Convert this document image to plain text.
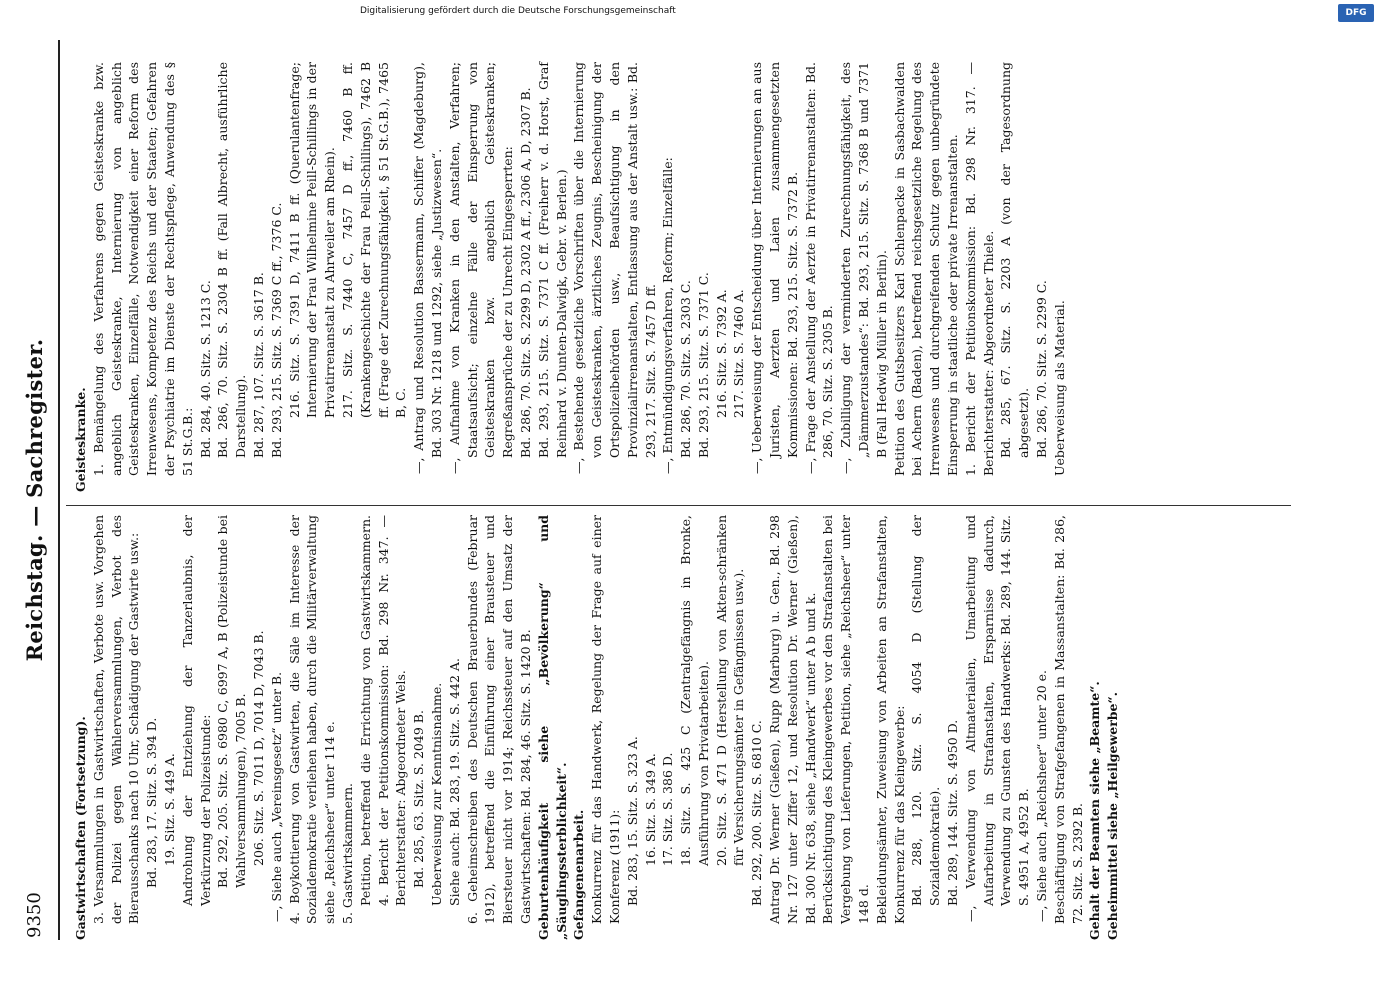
9350
Reichstag. — Sachregister.

Gastwirtschaften (Fortsetzung). 3. Versammlungen in Gastwirtschaften, Verbote usw. Vorgehen der Polizei gegen Wählerversammlungen, Verbot des Bierausschanks nach 10 Uhr, Schädigung der Gastwirte usw.: Bd. 283, 17. Sitz. S. 394 D. 19. Sitz. S. 449 A. Androhung der Entziehung der Tanzerlaubnis, der Verkürzung der Polizeistunde: Bd. 292, 205. Sitz. S. 6980 C, 6997 A, B (Polizeistunde bei Wahlversammlungen), 7005 B. 206. Sitz. S. 7011 D, 7014 D, 7043 B. —, Siehe auch „Vereinsgesetz“ unter B. 4. Boykottierung von Gastwirten, die Säle im Interesse der Sozialdemokratie verliehen haben, durch die Militärverwaltung siehe „Reichsheer“ unter 114 e. 5. Gastwirtskammern. Petition, betreffend die Errichtung von Gastwirtskammern. 4. Bericht der Petitionskommission: Bd. 298 Nr. 347. — Berichterstatter: Abgeordneter Wels. Bd. 285, 63. Sitz. S. 2049 B. Ueberweisung zur Kenntnisnahme. Siehe auch: Bd. 283, 19. Sitz. S. 442 A. 6. Geheimschreiben des Deutschen Brauerbundes (Februar 1912), betreffend die Einführung einer Brausteuer und Biersteuer nicht vor 1914; Reichssteuer auf den Umsatz der Gastwirtschaften: Bd. 284, 46. Sitz. S. 1420 B. Geburtenhäufigkeit siehe „Bevölkerung“ und „Säuglingssterblichkeit“. Gefangenenarbeit. Konkurrenz für das Handwerk, Regelung der Frage auf einer Konferenz (1911): Bd. 283, 15. Sitz. S. 323 A. 16. Sitz. S. 349 A. 17. Sitz. S. 386 D. 18. Sitz. S. 425 C (Zentralgefängnis in Bronke, Ausführung von Privatarbeiten). 20. Sitz. S. 471 D (Herstellung von Akten-schränken für Versicherungsämter in Gefängnissen usw.). Bd. 292, 200. Sitz. S. 6810 C. Antrag Dr. Werner (Gießen), Rupp (Marburg) u. Gen., Bd. 298 Nr. 127 unter Ziffer 12, und Resolution Dr. Werner (Gießen), Bd. 300 Nr. 638, siehe „Handwerk“ unter A b und k. Berücksichtigung des Kleingewerbes vor den Strafanstalten bei Vergebung von Lieferungen, Petition, siehe „Reichsheer“ unter 148 d. Bekleidungsämter, Zuweisung von Arbeiten an Strafanstalten, Konkurrenz für das Kleingewerbe: Bd. 288, 120. Sitz. S. 4054 D (Stellung der Sozialdemokratie). Bd. 289, 144. Sitz. S. 4950 D. —, Verwendung von Altmaterialien, Umarbeitung und Aufarbeitung in Strafanstalten, Ersparnisse dadurch, Verwendung zu Gunsten des Handwerks: Bd. 289, 144. Sitz. S. 4951 A, 4952 B. —, Siehe auch „Reichsheer“ unter 20 e. Beschäftigung von Strafgefangenen in Massanstalten: Bd. 286, 72. Sitz. S. 2392 B. Gehalt der Beamten siehe „Beamte“. Geheimmittel siehe „Heilgewerbe“.

Geisteskranke. 1. Bemängelung des Verfahrens gegen Geisteskranke bzw. angeblich Geisteskranke, Internierung von angeblich Geisteskranken, Einzelfälle, Notwendigkeit einer Reform des Irrenwesens, Kompetenz des Reichs und der Staaten; Gefahren der Psychiatrie im Dienste der Rechtspflege, Anwendung des § 51 St.G.B.: Bd. 284, 40. Sitz. S. 1213 C. Bd. 286, 70. Sitz. S. 2304 B ff. (Fall Albrecht, ausführliche Darstellung). Bd. 287, 107. Sitz. S. 3617 B. Bd. 293, 215. Sitz. S. 7369 C ff., 7376 C. 216. Sitz. S. 7391 D, 7411 B ff. (Querulantenfrage; Internierung der Frau Wilhelmine Peill-Schillings in der Privatirrenanstalt zu Ahrweiler am Rhein). 217. Sitz. S. 7440 C, 7457 D ff., 7460 B ff. (Krankengeschichte der Frau Peill-Schillings), 7462 B ff. (Frage der Zurechnungsfähigkeit, § 51 St.G.B.), 7465 B, C. —, Antrag und Resolution Bassermann, Schiffer (Magdeburg), Bd. 303 Nr. 1218 und 1292, siehe „Justizwesen“. —, Aufnahme von Kranken in den Anstalten, Verfahren; Staatsaufsicht; einzelne Fälle der Einsperrung von Geisteskranken bzw. angeblich Geisteskranken; Regreßansprüche der zu Unrecht Eingesperrten: Bd. 286, 70. Sitz. S. 2299 D, 2302 A ff., 2306 A, D, 2307 B. Bd. 293, 215. Sitz. S. 7371 C ff. (Freiherr v. d. Horst, Graf Reinhard v. Dunten-Dalwigk, Gebr. v. Berlen.) —, Bestehende gesetzliche Vorschriften über die Internierung von Geisteskranken, ärztliches Zeugnis, Bescheinigung der Ortspolizeibehörden usw., Beaufsichtigung in den Provinzialirrenanstalten, Entlassung aus der Anstalt usw.: Bd. 293, 217. Sitz. S. 7457 D ff. —, Entmündigungsverfahren, Reform; Einzelfälle: Bd. 286, 70. Sitz. S. 2303 C. Bd. 293, 215. Sitz. S. 7371 C. 216. Sitz. S. 7392 A. 217. Sitz. S. 7460 A. —, Ueberweisung der Entscheidung über Internierungen an aus Juristen, Aerzten und Laien zusammengesetzten Kommissionen: Bd. 293, 215. Sitz. S. 7372 B. —, Frage der Anstellung der Aerzte in Privatirrenanstalten: Bd. 286, 70. Sitz. S. 2305 B. —, Zubilligung der verminderten Zurechnungsfähigkeit, des „Dämmerzustandes“: Bd. 293, 215. Sitz. S. 7368 B und 7371 B (Fall Hedwig Müller in Berlin). Petition des Gutsbesitzers Karl Schlenpacke in Sasbachwalden bei Achern (Baden), betreffend reichsgesetzliche Regelung des Irrenwesens und durchgreifenden Schutz gegen unbegründete Einsperrung in staatliche oder private Irrenanstalten. 1. Bericht der Petitionskommission: Bd. 298 Nr. 317. — Berichterstatter: Abgeordneter Thiele. Bd. 285, 67. Sitz. S. 2203 A (von der Tagesordnung abgesetzt). Bd. 286, 70. Sitz. S. 2299 C. Ueberweisung als Material.

Digitalisierung gefördert durch die Deutsche Forschungsgemeinschaft	DFG
